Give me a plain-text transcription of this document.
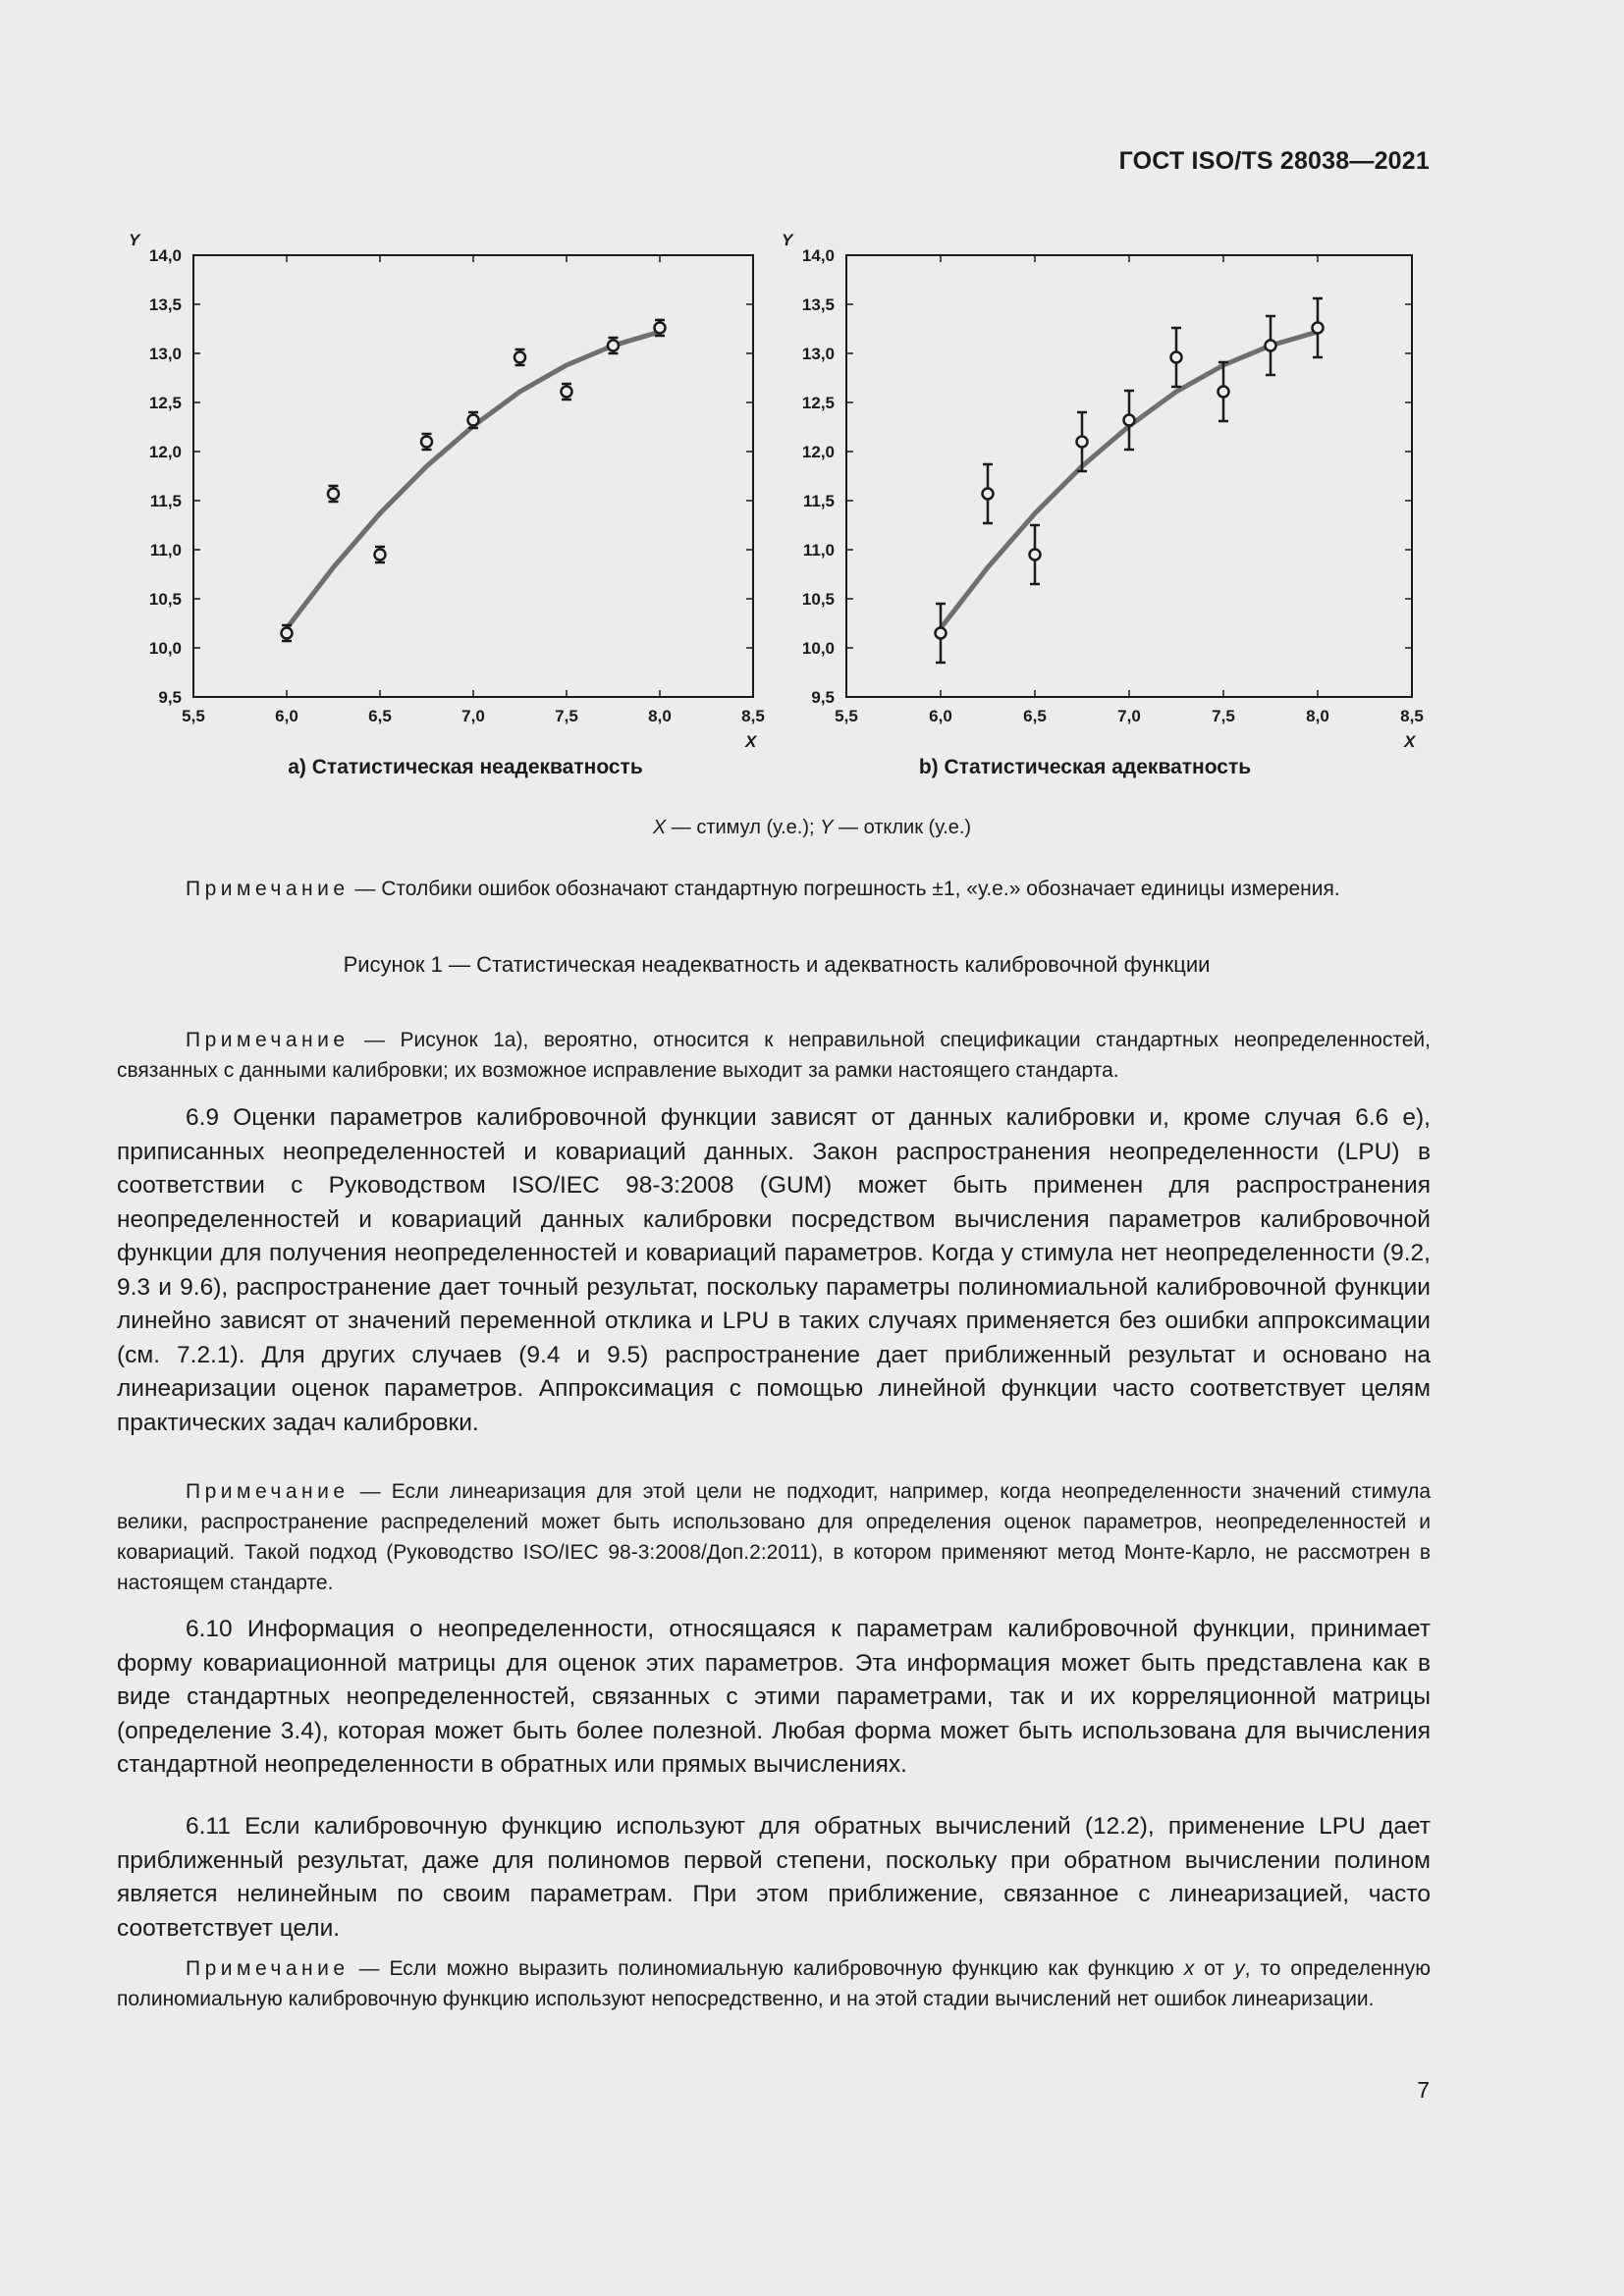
ГОСТ ISO/TS 28038—2021
9,5
10,0
10,5
11,0
11,5
12,0
12,5
13,0
13,5
14,0
5,5	6,0	6,5	7,0	7,5	8,0	8,5
Y
X
a) Статистическая неадекватность
9,5
10,0
10,5
11,0
11,5
12,0
12,5
13,0
13,5
14,0
5,5	6,0	6,5	7,0	7,5	8,0	8,5
Y
X
b) Статистическая адекватность
X — стимул (у.е.); Y — отклик (у.е.)
Примечание — Столбики ошибок обозначают стандартную погрешность ±1, «у.е.» обозначает единицы измерения.
Рисунок 1 — Статистическая неадекватность и адекватность калибровочной функции
Примечание — Рисунок 1а), вероятно, относится к неправильной спецификации стандартных неопределенностей, связанных с данными калибровки; их возможное исправление выходит за рамки настоящего стандарта.
6.9 Оценки параметров калибровочной функции зависят от данных калибровки и, кроме случая 6.6 е), приписанных неопределенностей и ковариаций данных. Закон распространения неопределенности (LPU) в соответствии с Руководством ISO/IEC 98-3:2008 (GUM) может быть применен для распространения неопределенностей и ковариаций данных калибровки посредством вычисления параметров калибровочной функции для получения неопределенностей и ковариаций параметров. Когда у стимула нет неопределенности (9.2, 9.3 и 9.6), распространение дает точный результат, поскольку параметры полиномиальной калибровочной функции линейно зависят от значений переменной отклика и LPU в таких случаях применяется без ошибки аппроксимации (см. 7.2.1). Для других случаев (9.4 и 9.5) распространение дает приближенный результат и основано на линеаризации оценок параметров. Аппроксимация с помощью линейной функции часто соответствует целям практических задач калибровки.
Примечание — Если линеаризация для этой цели не подходит, например, когда неопределенности значений стимула велики, распространение распределений может быть использовано для определения оценок параметров, неопределенностей и ковариаций. Такой подход (Руководство ISO/IEC 98-3:2008/Доп.2:2011), в котором применяют метод Монте-Карло, не рассмотрен в настоящем стандарте.
6.10 Информация о неопределенности, относящаяся к параметрам калибровочной функции, принимает форму ковариационной матрицы для оценок этих параметров. Эта информация может быть представлена как в виде стандартных неопределенностей, связанных с этими параметрами, так и их корреляционной матрицы (определение 3.4), которая может быть более полезной. Любая форма может быть использована для вычисления стандартной неопределенности в обратных или прямых вычислениях.
6.11 Если калибровочную функцию используют для обратных вычислений (12.2), применение LPU дает приближенный результат, даже для полиномов первой степени, поскольку при обратном вычислении полином является нелинейным по своим параметрам. При этом приближение, связанное с линеаризацией, часто соответствует цели.
Примечание — Если можно выразить полиномиальную калибровочную функцию как функцию x от y, то определенную полиномиальную калибровочную функцию используют непосредственно, и на этой стадии вычислений нет ошибок линеаризации.
7
